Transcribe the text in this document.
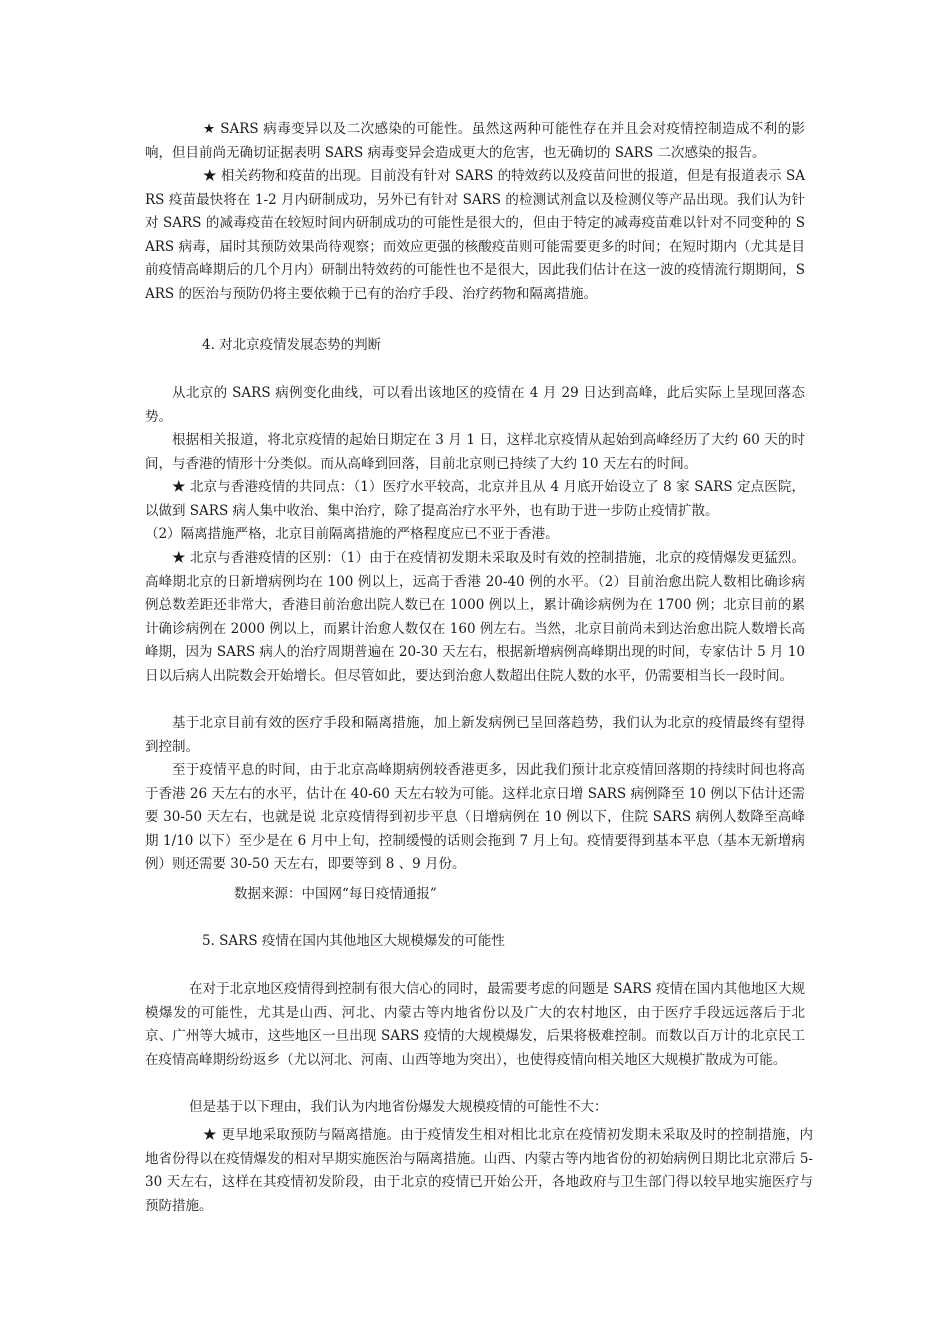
★ SARS 病毒变异以及二次感染的可能性。虽然这两种可能性存在并且会对疫情控制造成不利的影响，但目前尚无确切证据表明 SARS 病毒变异会造成更大的危害，也无确切的 SARS 二次感染的报告。

★ 相关药物和疫苗的出现。目前没有针对 SARS 的特效药以及疫苗问世的报道，但是有报道表示 SARS 疫苗最快将在 1-2 月内研制成功，另外已有针对 SARS 的检测试剂盒以及检测仪等产品出现。我们认为针对 SARS 的减毒疫苗在较短时间内研制成功的可能性是很大的，但由于特定的减毒疫苗难以针对不同变种的 SARS 病毒，届时其预防效果尚待观察；而效应更强的核酸疫苗则可能需要更多的时间；在短时期内（尤其是目前疫情高峰期后的几个月内）研制出特效药的可能性也不是很大，因此我们估计在这一波的疫情流行期期间，SARS 的医治与预防仍将主要依赖于已有的治疗手段、治疗药物和隔离措施。

4. 对北京疫情发展态势的判断

从北京的 SARS 病例变化曲线，可以看出该地区的疫情在 4 月 29 日达到高峰，此后实际上呈现回落态势。

根据相关报道，将北京疫情的起始日期定在 3 月 1 日，这样北京疫情从起始到高峰经历了大约 60 天的时间，与香港的情形十分类似。而从高峰到回落，目前北京则已持续了大约 10 天左右的时间。

★ 北京与香港疫情的共同点：（1）医疗水平较高，北京并且从 4 月底开始设立了 8 家 SARS 定点医院，以做到 SARS 病人集中收治、集中治疗，除了提高治疗水平外，也有助于进一步防止疫情扩散。

（2）隔离措施严格，北京目前隔离措施的严格程度应已不亚于香港。

★ 北京与香港疫情的区别：（1）由于在疫情初发期未采取及时有效的控制措施，北京的疫情爆发更猛烈。高峰期北京的日新增病例均在 100 例以上，远高于香港 20-40 例的水平。（2）目前治愈出院人数相比确诊病例总数差距还非常大，香港目前治愈出院人数已在 1000 例以上，累计确诊病例为在 1700 例；北京目前的累计确诊病例在 2000 例以上，而累计治愈人数仅在 160 例左右。当然，北京目前尚未到达治愈出院人数增长高峰期，因为 SARS 病人的治疗周期普遍在 20-30 天左右，根据新增病例高峰期出现的时间，专家估计 5 月 10 日以后病人出院数会开始增长。但尽管如此，要达到治愈人数超出住院人数的水平，仍需要相当长一段时间。

基于北京目前有效的医疗手段和隔离措施，加上新发病例已呈回落趋势，我们认为北京的疫情最终有望得到控制。

至于疫情平息的时间，由于北京高峰期病例较香港更多，因此我们预计北京疫情回落期的持续时间也将高于香港 26 天左右的水平，估计在 40-60 天左右较为可能。这样北京日增 SARS 病例降至 10 例以下估计还需要 30-50 天左右，也就是说 北京疫情得到初步平息（日增病例在 10 例以下，住院 SARS 病例人数降至高峰期 1/10 以下）至少是在 6 月中上旬，控制缓慢的话则会拖到 7 月上旬。疫情要得到基本平息（基本无新增病例）则还需要 30-50 天左右，即要等到 8 、9 月份。

数据来源：中国网“每日疫情通报”

5. SARS 疫情在国内其他地区大规模爆发的可能性

在对于北京地区疫情得到控制有很大信心的同时，最需要考虑的问题是 SARS 疫情在国内其他地区大规模爆发的可能性，尤其是山西、河北、内蒙古等内地省份以及广大的农村地区，由于医疗手段远远落后于北京、广州等大城市，这些地区一旦出现 SARS 疫情的大规模爆发，后果将极难控制。而数以百万计的北京民工在疫情高峰期纷纷返乡（尤以河北、河南、山西等地为突出），也使得疫情向相关地区大规模扩散成为可能。

但是基于以下理由，我们认为内地省份爆发大规模疫情的可能性不大：

★ 更早地采取预防与隔离措施。由于疫情发生相对相比北京在疫情初发期未采取及时的控制措施，内地省份得以在疫情爆发的相对早期实施医治与隔离措施。山西、内蒙古等内地省份的初始病例日期比北京滞后 5-30 天左右，这样在其疫情初发阶段，由于北京的疫情已开始公开，各地政府与卫生部门得以较早地实施医疗与预防措施。
